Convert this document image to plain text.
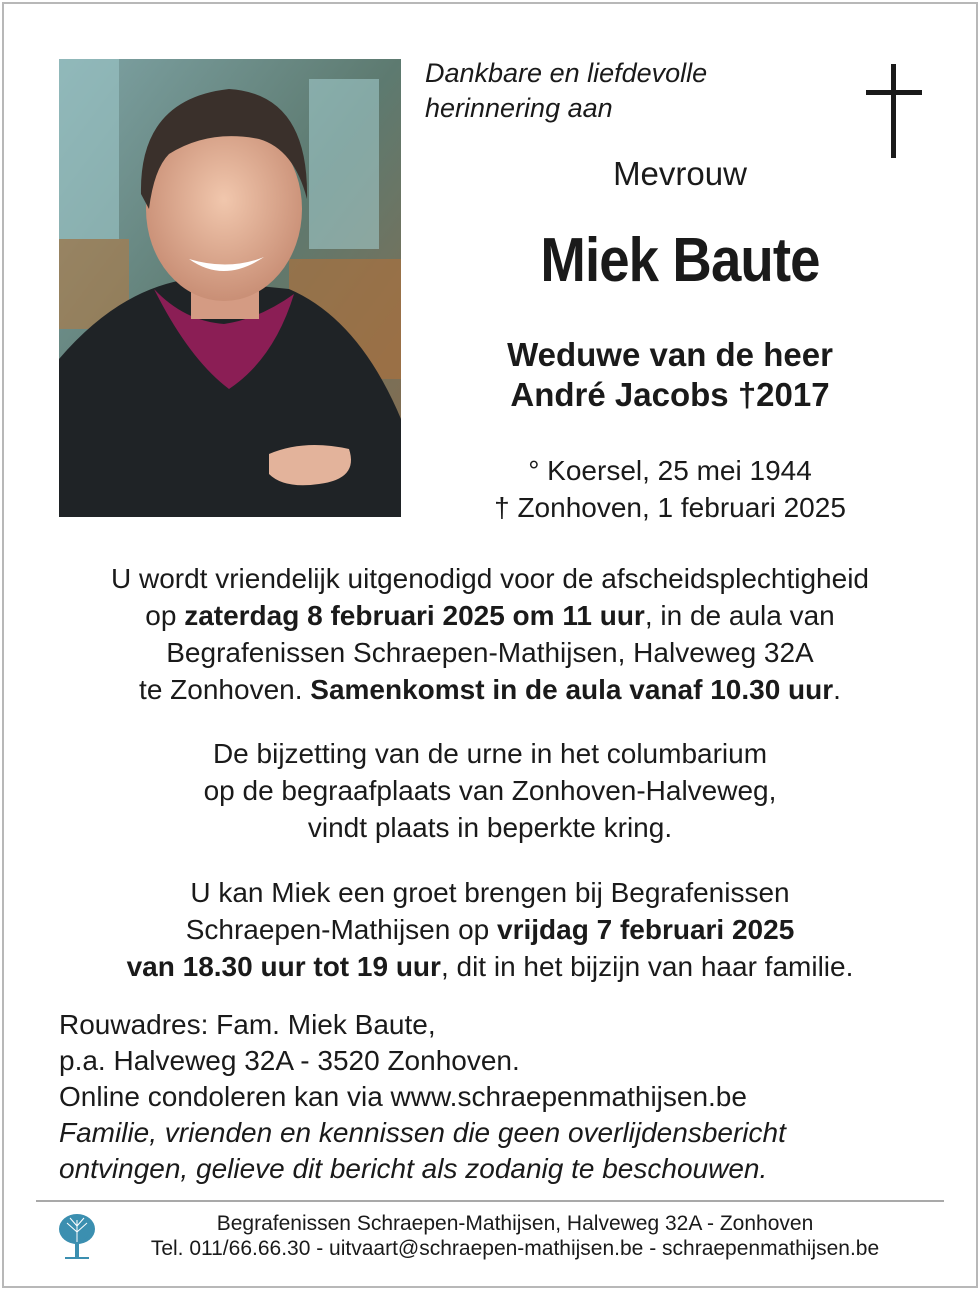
Dankbare en liefdevolle
herinnering aan
Mevrouw
Miek Baute
Weduwe van de heer
André Jacobs †2017
° Koersel, 25 mei 1944
† Zonhoven, 1 februari 2025
U wordt vriendelijk uitgenodigd voor de afscheidsplechtigheid
op zaterdag 8 februari 2025 om 11 uur, in de aula van
Begrafenissen Schraepen-Mathijsen, Halveweg 32A
te Zonhoven. Samenkomst in de aula vanaf 10.30 uur.
De bijzetting van de urne in het columbarium
op de begraafplaats van Zonhoven-Halveweg,
vindt plaats in beperkte kring.
U kan Miek een groet brengen bij Begrafenissen
Schraepen-Mathijsen op vrijdag 7 februari 2025
van 18.30 uur tot 19 uur, dit in het bijzijn van haar familie.
Rouwadres: Fam. Miek Baute,
p.a. Halveweg 32A - 3520 Zonhoven.
Online condoleren kan via www.schraepenmathijsen.be
Familie, vrienden en kennissen die geen overlijdensbericht
ontvingen, gelieve dit bericht als zodanig te beschouwen.
Begrafenissen Schraepen-Mathijsen, Halveweg 32A - Zonhoven
Tel. 011/66.66.30 - uitvaart@schraepen-mathijsen.be - schraepenmathijsen.be
